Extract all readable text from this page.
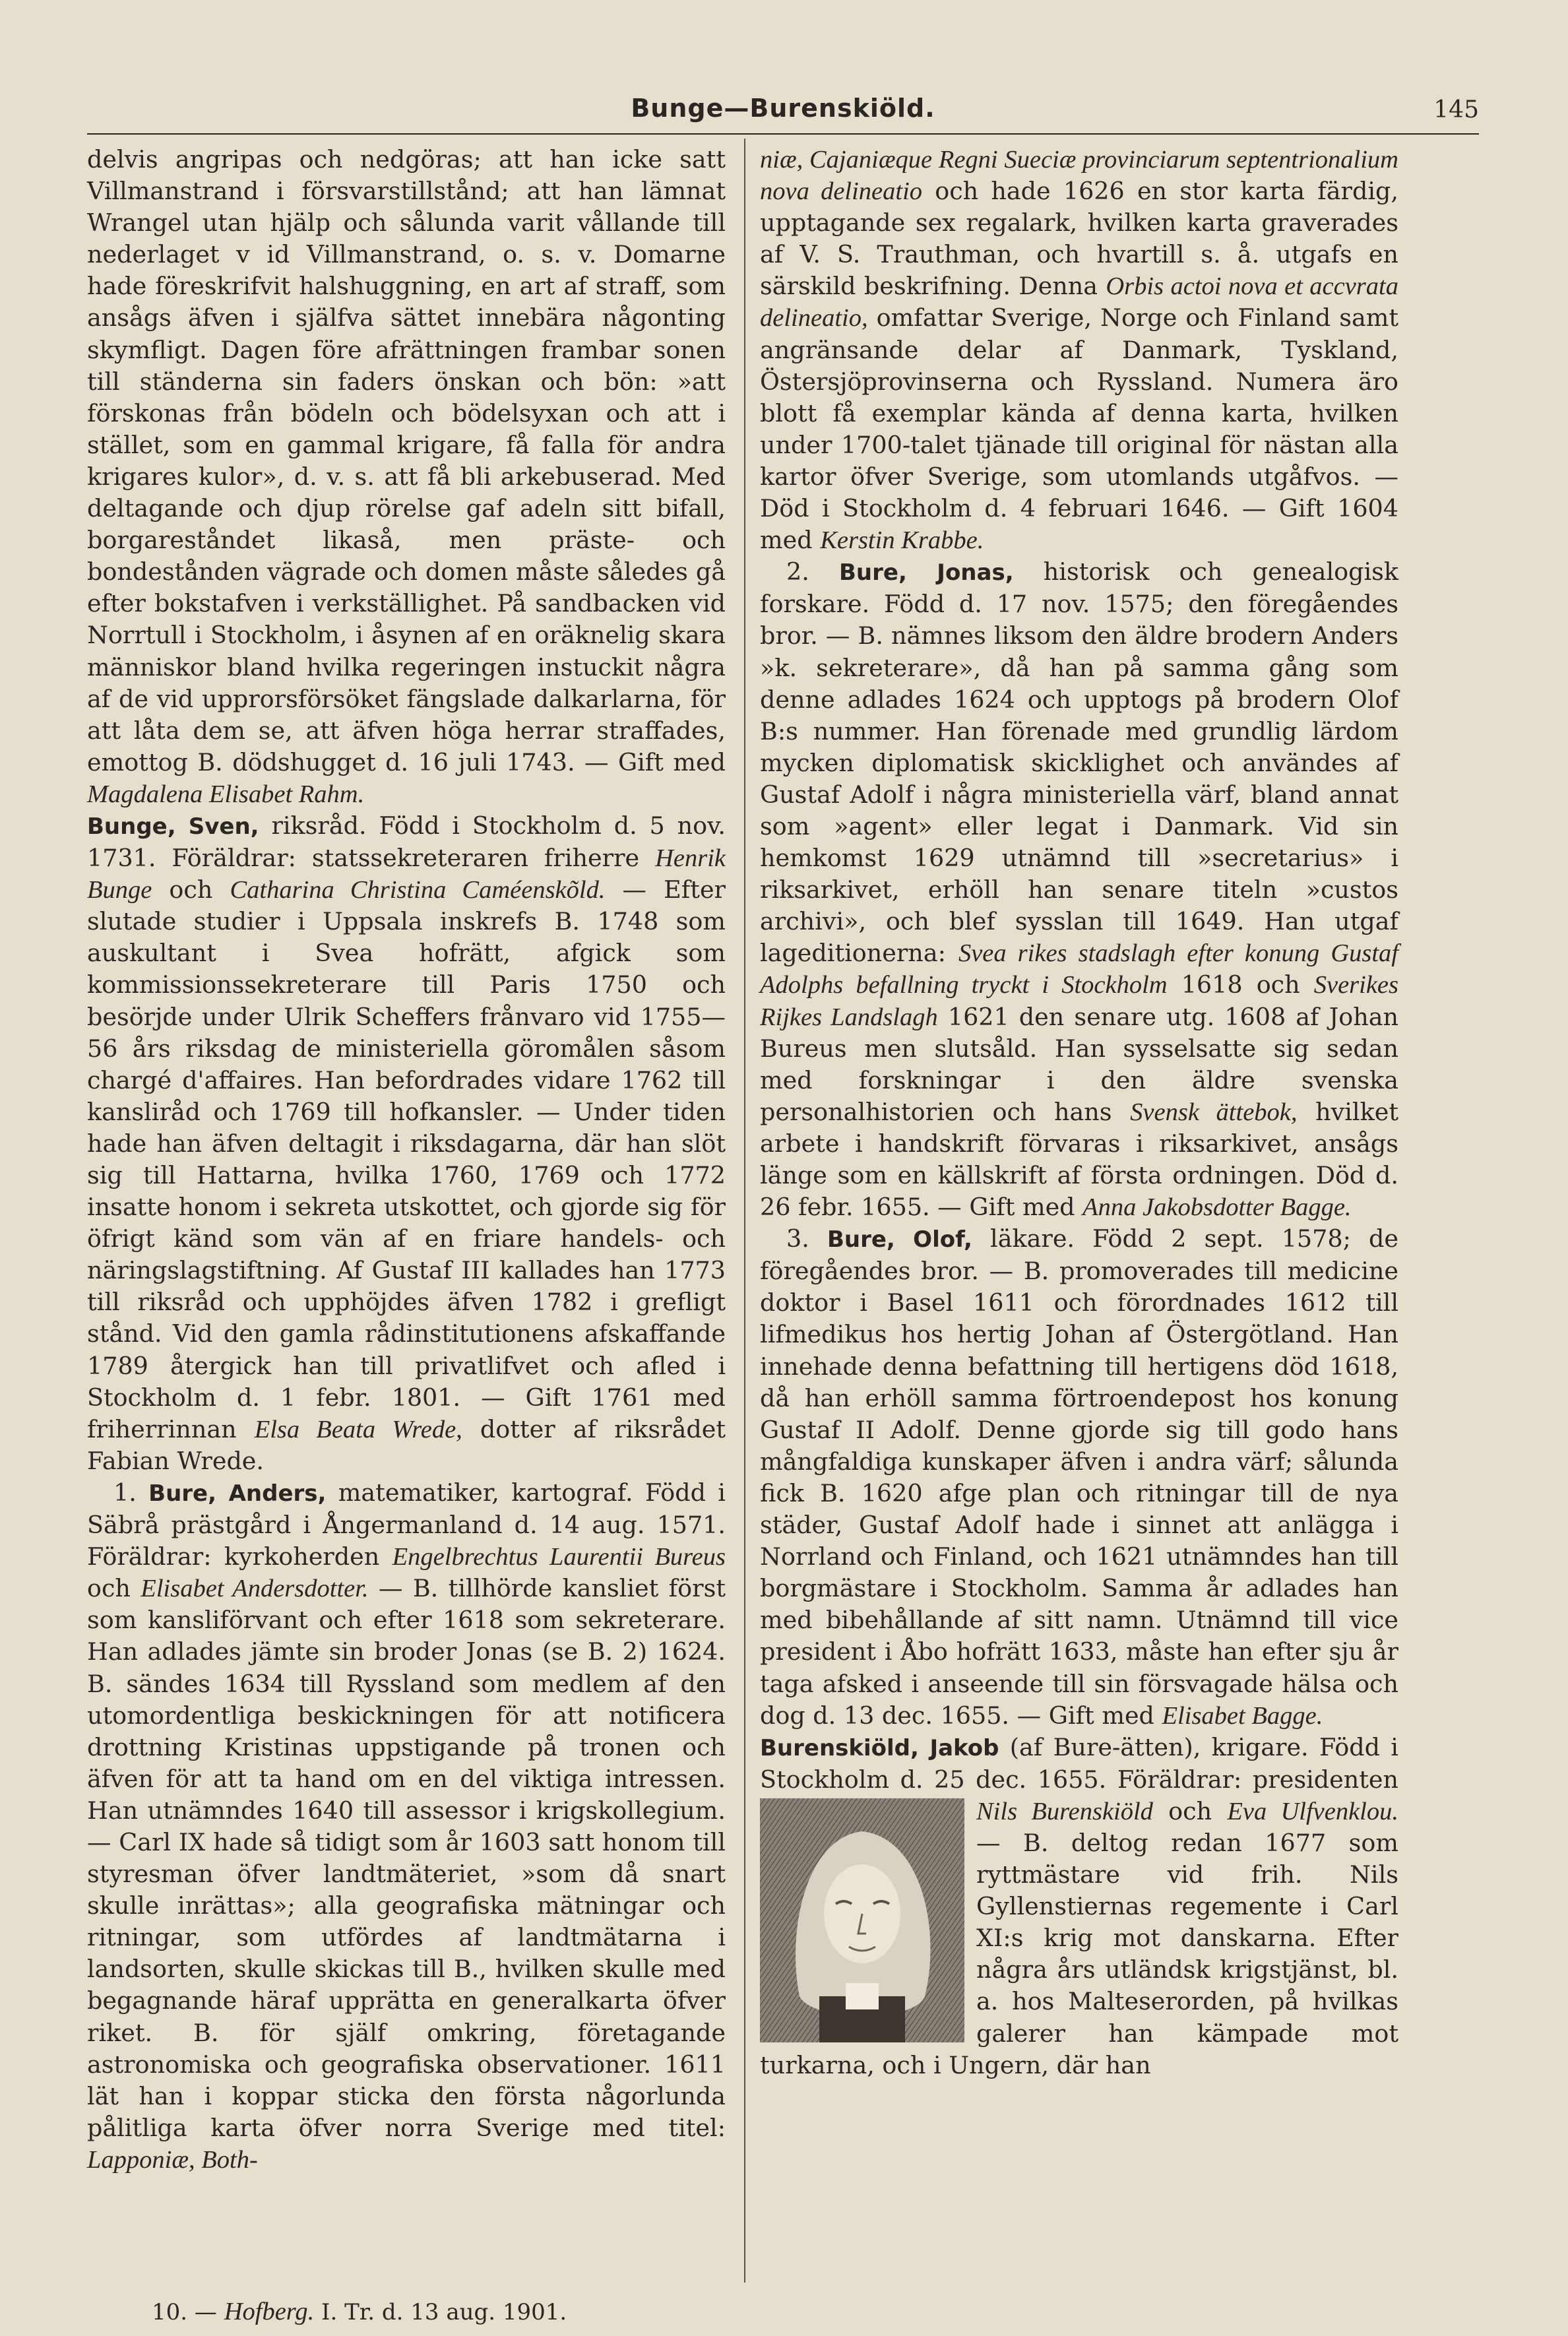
Bunge—Burenskiöld.	145

delvis angripas och nedgöras; att han icke satt Villmanstrand i försvarstillstånd; att han lämnat Wrangel utan hjälp och sålunda varit vållande till nederlaget v id Villmanstrand, o. s. v. Domarne hade föreskrifvit halshuggning, en art af straff, som ansågs äfven i själfva sättet innebära någonting skymfligt. Dagen före afrättningen frambar sonen till ständerna sin faders önskan och bön: »att förskonas från bödeln och bödelsyxan och att i stället, som en gammal krigare, få falla för andra krigares kulor», d. v. s. att få bli arkebuserad. Med deltagande och djup rörelse gaf adeln sitt bifall, borgareståndet likaså, men präste- och bondestånden vägrade och domen måste således gå efter bokstafven i verkställighet. På sandbacken vid Norrtull i Stockholm, i åsynen af en oräknelig skara människor bland hvilka regeringen instuckit några af de vid upprorsförsöket fängslade dalkarlarna, för att låta dem se, att äfven höga herrar straffades, emottog B. dödshugget d. 16 juli 1743. — Gift med Magdalena Elisabet Rahm.

Bunge, Sven, riksråd. Född i Stockholm d. 5 nov. 1731. Föräldrar: statssekreteraren friherre Henrik Bunge och Catharina Christina Caméenskõld. — Efter slutade studier i Uppsala inskrefs B. 1748 som auskultant i Svea hofrätt, afgick som kommissionssekreterare till Paris 1750 och besörjde under Ulrik Scheffers frånvaro vid 1755—56 års riksdag de ministeriella göromålen såsom chargé d'affaires. Han befordrades vidare 1762 till kansliråd och 1769 till hofkansler. — Under tiden hade han äfven deltagit i riksdagarna, där han slöt sig till Hattarna, hvilka 1760, 1769 och 1772 insatte honom i sekreta utskottet, och gjorde sig för öfrigt känd som vän af en friare handels- och näringslagstiftning. Af Gustaf III kallades han 1773 till riksråd och upphöjdes äfven 1782 i grefligt stånd. Vid den gamla rådinstitutionens afskaffande 1789 återgick han till privatlifvet och afled i Stockholm d. 1 febr. 1801. — Gift 1761 med friherrinnan Elsa Beata Wrede, dotter af riksrådet Fabian Wrede.

1. Bure, Anders, matematiker, kartograf. Född i Säbrå prästgård i Ångermanland d. 14 aug. 1571. Föräldrar: kyrkoherden Engelbrechtus Laurentii Bureus och Elisabet Andersdotter. — B. tillhörde kansliet först som kansliförvant och efter 1618 som sekreterare. Han adlades jämte sin broder Jonas (se B. 2) 1624. B. sändes 1634 till Ryssland som medlem af den utomordentliga beskickningen för att notificera drottning Kristinas uppstigande på tronen och äfven för att ta hand om en del viktiga intressen. Han utnämndes 1640 till assessor i krigskollegium. — Carl IX hade så tidigt som år 1603 satt honom till styresman öfver landtmäteriet, »som då snart skulle inrättas»; alla geografiska mätningar och ritningar, som utfördes af landtmätarna i landsorten, skulle skickas till B., hvilken skulle med begagnande häraf upprätta en generalkarta öfver riket. B. för själf omkring, företagande astronomiska och geografiska observationer. 1611 lät han i koppar sticka den första någorlunda pålitliga karta öfver norra Sverige med titel: Lapponiæ, Both-

niæ, Cajaniæque Regni Sueciæ provinciarum septentrionalium nova delineatio och hade 1626 en stor karta färdig, upptagande sex regalark, hvilken karta graverades af V. S. Trauthman, och hvartill s. å. utgafs en särskild beskrifning. Denna Orbis actoi nova et accvrata delineatio, omfattar Sverige, Norge och Finland samt angränsande delar af Danmark, Tyskland, Östersjöprovinserna och Ryssland. Numera äro blott få exemplar kända af denna karta, hvilken under 1700-talet tjänade till original för nästan alla kartor öfver Sverige, som utomlands utgåfvos. — Död i Stockholm d. 4 februari 1646. — Gift 1604 med Kerstin Krabbe.

2. Bure, Jonas, historisk och genealogisk forskare. Född d. 17 nov. 1575; den föregåendes bror. — B. nämnes liksom den äldre brodern Anders »k. sekreterare», då han på samma gång som denne adlades 1624 och upptogs på brodern Olof B:s nummer. Han förenade med grundlig lärdom mycken diplomatisk skicklighet och användes af Gustaf Adolf i några ministeriella värf, bland annat som »agent» eller legat i Danmark. Vid sin hemkomst 1629 utnämnd till »secretarius» i riksarkivet, erhöll han senare titeln »custos archivi», och blef sysslan till 1649. Han utgaf lageditionerna: Svea rikes stadslagh efter konung Gustaf Adolphs befallning tryckt i Stockholm 1618 och Sverikes Rijkes Landslagh 1621 den senare utg. 1608 af Johan Bureus men slutsåld. Han sysselsatte sig sedan med forskningar i den äldre svenska personalhistorien och hans Svensk ättebok, hvilket arbete i handskrift förvaras i riksarkivet, ansågs länge som en källskrift af första ordningen. Död d. 26 febr. 1655. — Gift med Anna Jakobsdotter Bagge.

3. Bure, Olof, läkare. Född 2 sept. 1578; de föregåendes bror. — B. promoverades till medicine doktor i Basel 1611 och förordnades 1612 till lifmedikus hos hertig Johan af Östergötland. Han innehade denna befattning till hertigens död 1618, då han erhöll samma förtroendepost hos konung Gustaf II Adolf. Denne gjorde sig till godo hans mångfaldiga kunskaper äfven i andra värf; sålunda fick B. 1620 afge plan och ritningar till de nya städer, Gustaf Adolf hade i sinnet att anlägga i Norrland och Finland, och 1621 utnämndes han till borgmästare i Stockholm. Samma år adlades han med bibehållande af sitt namn. Utnämnd till vice president i Åbo hofrätt 1633, måste han efter sju år taga afsked i anseende till sin försvagade hälsa och dog d. 13 dec. 1655. — Gift med Elisabet Bagge.

Burenskiöld, Jakob (af Bure-ätten), krigare. Född i Stockholm d. 25 dec. 1655. Föräldrar: presidenten
Nils Burenskiöld och Eva Ulfvenklou. — B. deltog redan 1677 som ryttmästare vid frih. Nils Gyllenstiernas regemente i Carl XI:s krig mot danskarna. Efter några års utländsk krigstjänst, bl. a. hos Malteserorden, på hvilkas galerer han kämpade mot turkarna, och i Ungern, där han

10. — Hofberg. I. Tr. d. 13 aug. 1901.
